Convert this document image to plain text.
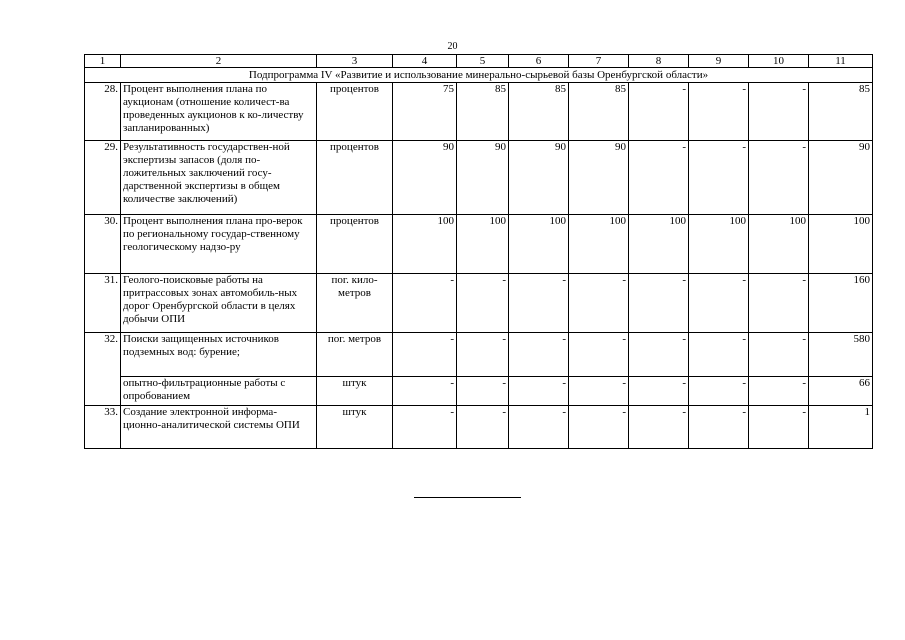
20
1	2	3	4	5	6	7	8	9	10	11
Подпрограмма IV «Развитие и использование минерально-сырьевой базы Оренбургской области»										
28.	Процент выполнения плана по аукционам (отношение количест-ва проведенных аукционов к ко-личеству запланированных)	процентов	75	85	85	85	-	-	-	85
29.	Результативность государствен-ной экспертизы запасов (доля по-ложительных заключений госу-дарственной экспертизы в общем количестве заключений)	процентов	90	90	90	90	-	-	-	90
30.	Процент выполнения плана про-верок по региональному государ-ственному геологическому надзо-ру	процентов	100	100	100	100	100	100	100	100
31.	Геолого-поисковые работы на притрассовых зонах автомобиль-ных дорог Оренбургской области в целях добычи ОПИ	пог. кило-метров	-	-	-	-	-	-	-	160
32.	Поиски защищенных источников подземных вод: бурение;	пог. метров	-	-	-	-	-	-	-	580
	опытно-фильтрационные работы с опробованием	штук	-	-	-	-	-	-	-	66
33.	Создание электронной информа-ционно-аналитической системы ОПИ	штук	-	-	-	-	-	-	-	1
